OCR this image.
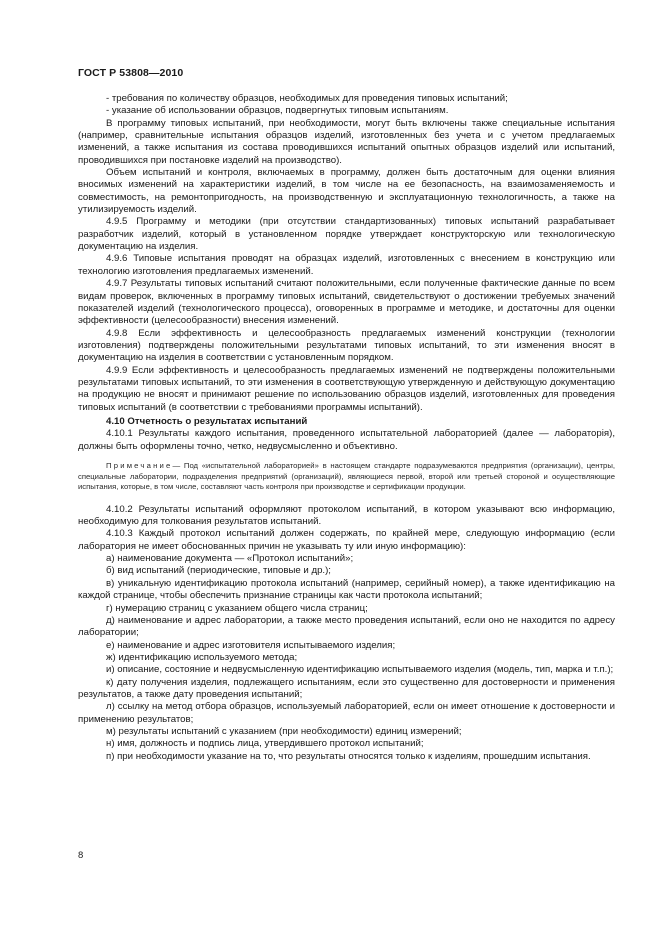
ГОСТ Р 53808—2010

- требования по количеству образцов, необходимых для проведения типовых испытаний;

- указание об использовании образцов, подвергнутых типовым испытаниям.

В программу типовых испытаний, при необходимости, могут быть включены также специальные испытания (например, сравнительные испытания образцов изделий, изготовленных без учета и с учетом предлагаемых изменений, а также испытания из состава проводившихся испытаний опытных образцов изделий или испытаний, проводившихся при постановке изделий на производство).

Объем испытаний и контроля, включаемых в программу, должен быть достаточным для оценки влияния вносимых изменений на характеристики изделий, в том числе на ее безопасность, на взаимозаменяемость и совместимость, на ремонтопригодность, на производственную и эксплуатационную технологичность, а также на утилизируемость изделий.

4.9.5 Программу и методики (при отсутствии стандартизованных) типовых испытаний разрабатывает разработчик изделий, который в установленном порядке утверждает конструкторскую или технологическую документацию на изделия.

4.9.6 Типовые испытания проводят на образцах изделий, изготовленных с внесением в конструкцию или технологию изготовления предлагаемых изменений.

4.9.7 Результаты типовых испытаний считают положительными, если полученные фактические данные по всем видам проверок, включенных в программу типовых испытаний, свидетельствуют о достижении требуемых значений показателей изделий (технологического процесса), оговоренных в программе и методике, и достаточны для оценки эффективности (целесообразности) внесения изменений.

4.9.8 Если эффективность и целесообразность предлагаемых изменений конструкции (технологии изготовления) подтверждены положительными результатами типовых испытаний, то эти изменения вносят в документацию на изделия в соответствии с установленным порядком.

4.9.9 Если эффективность и целесообразность предлагаемых изменений не подтверждены положительными результатами типовых испытаний, то эти изменения в соответствующую утвержденную и действующую документацию на продукцию не вносят и принимают решение по использованию образцов изделий, изготовленных для проведения типовых испытаний (в соответствии с требованиями программы испытаний).

4.10 Отчетность о результатах испытаний

4.10.1 Результаты каждого испытания, проведенного испытательной лабораторией (далее — лабораторія), должны быть оформлены точно, четко, недвусмысленно и объективно.

Примечание— Под «испытательной лабораторией» в настоящем стандарте подразумеваются предприятия (организации), центры, специальные лаборатории, подразделения предприятий (организаций), являющиеся первой, второй или третьей стороной и осуществляющие испытания, которые, в том числе, составляют часть контроля при производстве и сертификации продукции.

4.10.2 Результаты испытаний оформляют протоколом испытаний, в котором указывают всю информацию, необходимую для толкования результатов испытаний.

4.10.3 Каждый протокол испытаний должен содержать, по крайней мере, следующую информацию (если лаборатория не имеет обоснованных причин не указывать ту или иную информацию):

а) наименование документа — «Протокол испытаний»;

б) вид испытаний (периодические, типовые и др.);

в) уникальную идентификацию протокола испытаний (например, серийный номер), а также идентификацию на каждой странице, чтобы обеспечить признание страницы как части протокола испытаний;

г) нумерацию страниц с указанием общего числа страниц;

д) наименование и адрес лаборатории, а также место проведения испытаний, если оно не находится по адресу лаборатории;

е) наименование и адрес изготовителя испытываемого изделия;

ж) идентификацию используемого метода;

и) описание, состояние и недвусмысленную идентификацию испытываемого изделия (модель, тип, марка и т.п.);

к) дату получения изделия, подлежащего испытаниям, если это существенно для достоверности и применения результатов, а также дату проведения испытаний;

л) ссылку на метод отбора образцов, используемый лабораторией, если он имеет отношение к достоверности и применению результатов;

м) результаты испытаний с указанием (при необходимости) единиц измерений;

н) имя, должность и подпись лица, утвердившего протокол испытаний;

п) при необходимости указание на то, что результаты относятся только к изделиям, прошедшим испытания.

8
